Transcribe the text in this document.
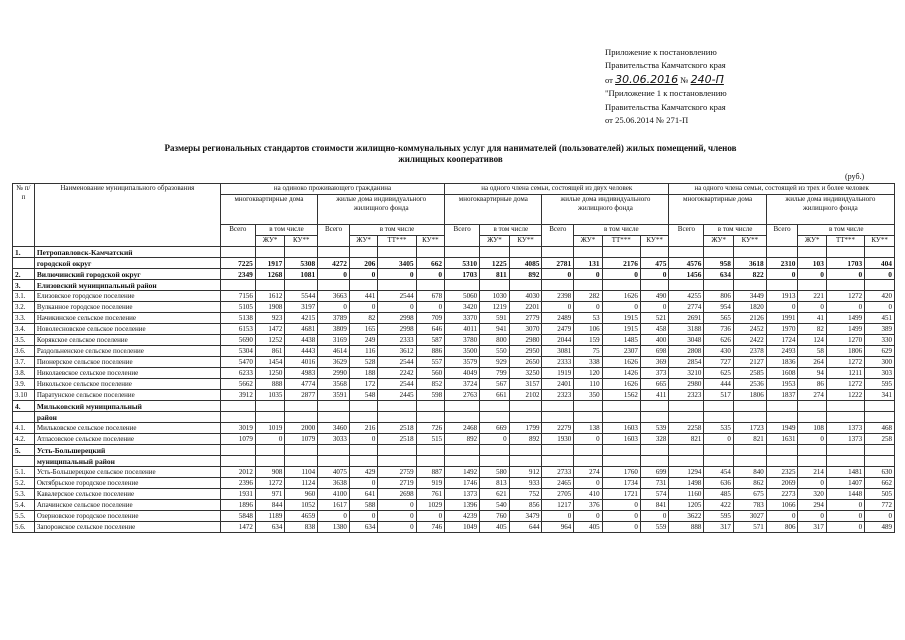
Приложение к постановлению
Правительства Камчатского края
от 30.06.2016 № 240-П
"Приложение 1 к постановлению
Правительства Камчатского края
от 25.06.2014 № 271-П
Размеры региональных стандартов стоимости жилищно-коммунальных услуг для нанимателей (пользователей) жилых помещений, членов
жилищных кооперативов
(руб.)
№ п/п	Наименование муниципального образования	на одиноко проживающего гражданина							на одного члена семьи, состоящей из двух человек							на одного члена семьи, состоящей из трех и более человек						
		многоквартирные дома			жилые дома индивидуального жилищного фонда				многоквартирные дома			жилые дома индивидуального жилищного фонда				многоквартирные дома			жилые дома индивидуального жилищного фонда			
		Всего	в том числе		Всего	в том числе			Всего	в том числе		Всего	в том числе			Всего	в том числе		Всего	в том числе		
			ЖУ*	КУ**		ЖУ*	ТТ***	КУ**		ЖУ*	КУ**		ЖУ*	ТТ***	КУ**		ЖУ*	КУ**		ЖУ*	ТТ***	КУ**
1.	Петропавловск-Камчатский																					
	городской округ	7225	1917	5308	4272	206	3405	662	5310	1225	4085	2781	131	2176	475	4576	958	3618	2310	103	1703	404
2.	Вилючинский городской округ	2349	1268	1081	0	0	0	0	1703	811	892	0	0	0	0	1456	634	822	0	0	0	0
3.	Елизовский муниципальный район																					
3.1.	Елизовское городское поселение	7156	1612	5544	3663	441	2544	678	5060	1030	4030	2398	282	1626	490	4255	806	3449	1913	221	1272	420
3.2.	Вулканное городское поселение	5105	1908	3197	0	0	0	0	3420	1219	2201	0	0	0	0	2774	954	1820	0	0	0	0
3.3.	Начикинское сельское поселение	5138	923	4215	3789	82	2998	709	3370	591	2779	2489	53	1915	521	2691	565	2126	1991	41	1499	451
3.4.	Новолесновское сельское поселение	6153	1472	4681	3809	165	2998	646	4011	941	3070	2479	106	1915	458	3188	736	2452	1970	82	1499	389
3.5.	Корякское сельское поселение	5690	1252	4438	3169	249	2333	587	3780	800	2980	2044	159	1485	400	3048	626	2422	1724	124	1270	330
3.6.	Раздольненское сельское поселение	5304	861	4443	4614	116	3612	886	3500	550	2950	3081	75	2307	698	2808	430	2378	2493	58	1806	629
3.7.	Пионерское сельское поселение	5470	1454	4016	3629	528	2544	557	3579	929	2650	2333	338	1626	369	2854	727	2127	1836	264	1272	300
3.8.	Николаевское сельское поселение	6233	1250	4983	2990	188	2242	560	4049	799	3250	1919	120	1426	373	3210	625	2585	1608	94	1211	303
3.9.	Никольское сельское поселение	5662	888	4774	3568	172	2544	852	3724	567	3157	2401	110	1626	665	2980	444	2536	1953	86	1272	595
3.10	Паратунское сельское поселение	3912	1035	2877	3591	548	2445	598	2763	661	2102	2323	350	1562	411	2323	517	1806	1837	274	1222	341
4.	Мильковский муниципальный																					
	район																					
4.1.	Мильковское сельское поселение	3019	1019	2000	3460	216	2518	726	2468	669	1799	2279	138	1603	539	2258	535	1723	1949	108	1373	468
4.2.	Атласовское сельское поселение	1079	0	1079	3033	0	2518	515	892	0	892	1930	0	1603	328	821	0	821	1631	0	1373	258
5.	Усть-Большерецкий																					
	муниципальный район																					
5.1.	Усть-Большерецкое сельское поселение	2012	908	1104	4075	429	2759	887	1492	580	912	2733	274	1760	699	1294	454	840	2325	214	1481	630
5.2.	Октябрьское городское поселение	2396	1272	1124	3638	0	2719	919	1746	813	933	2465	0	1734	731	1498	636	862	2069	0	1407	662
5.3.	Кавалерское сельское поселение	1931	971	960	4100	641	2698	761	1373	621	752	2705	410	1721	574	1160	485	675	2273	320	1448	505
5.4.	Апачинское сельское поселение	1896	844	1052	1617	588	0	1029	1396	540	856	1217	376	0	841	1205	422	783	1066	294	0	772
5.5.	Озерновское городское поселение	5848	1189	4659	0	0	0	0	4239	760	3479	0	0	0	0	3622	595	3027	0	0	0	0
5.6.	Запорожское сельское поселение	1472	634	838	1380	634	0	746	1049	405	644	964	405	0	559	888	317	571	806	317	0	489
